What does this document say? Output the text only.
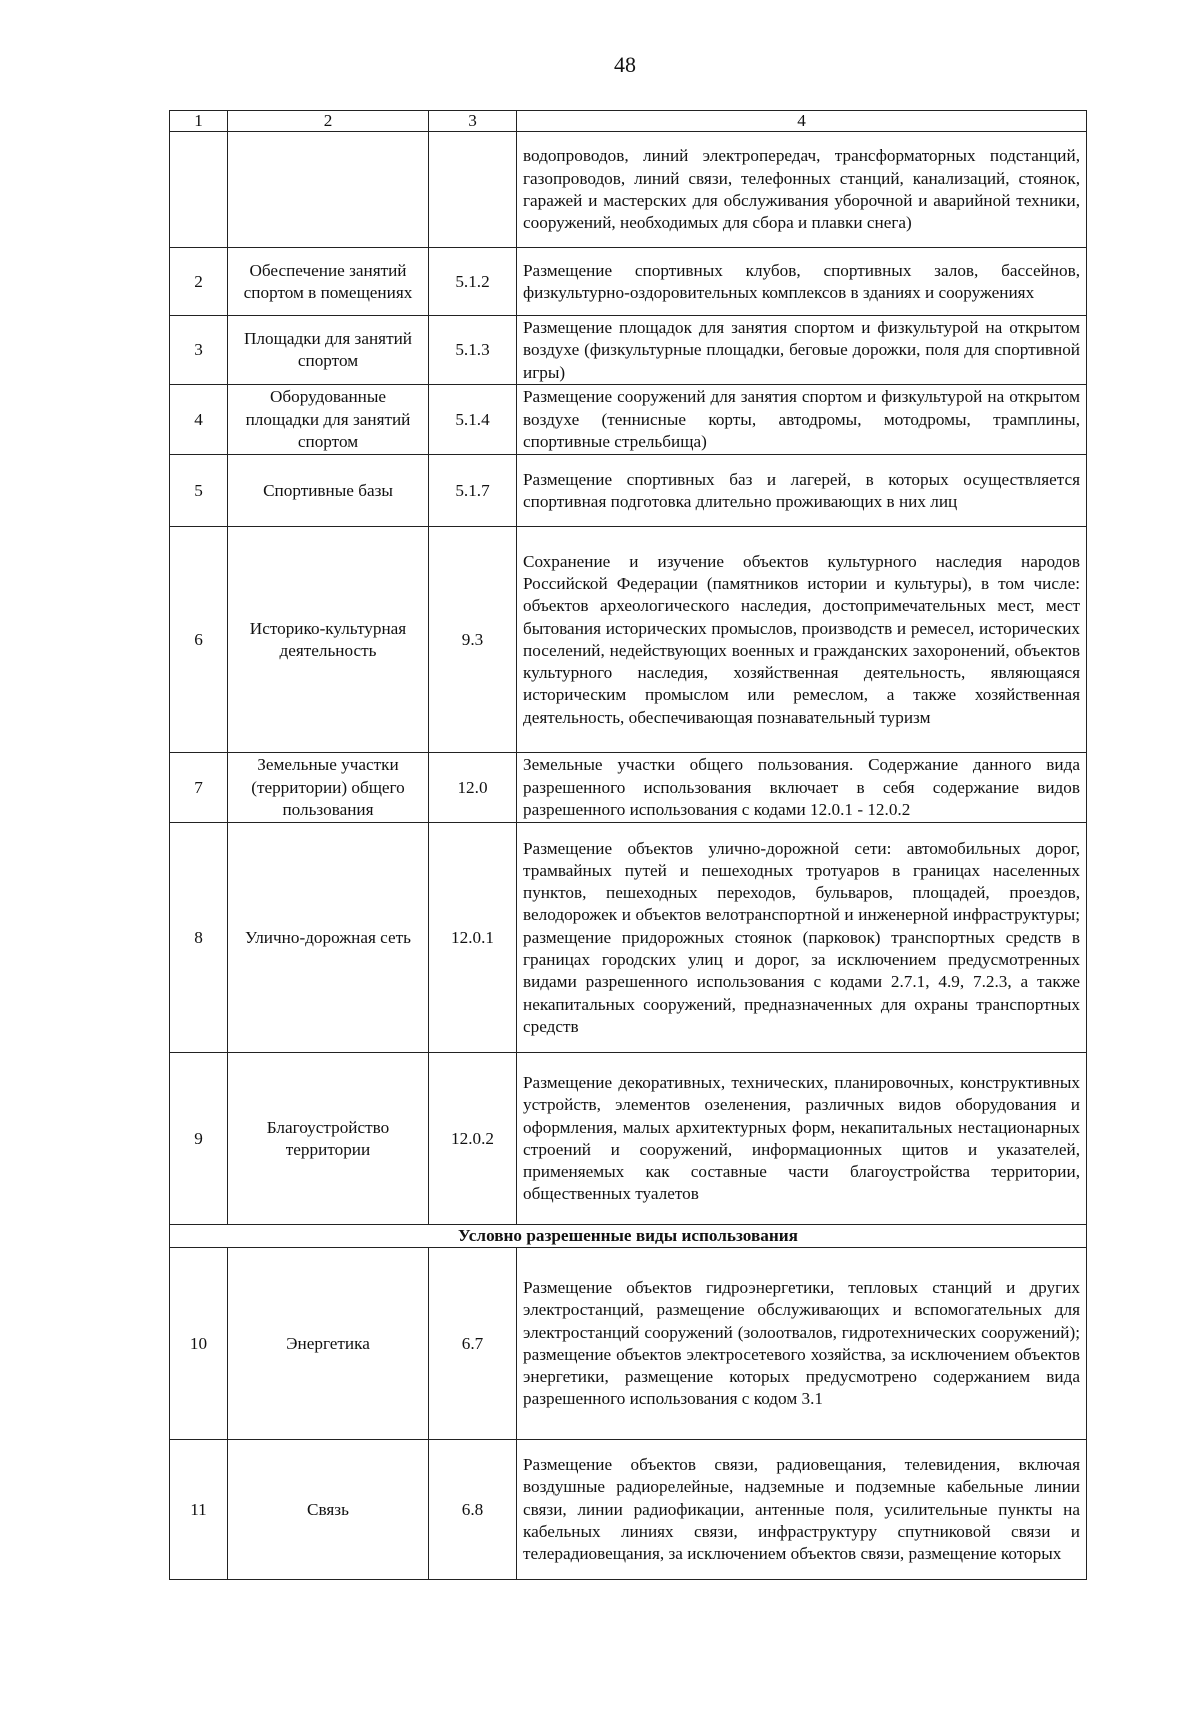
48
1	2	3	4
			водопроводов, линий электропередач, трансформаторных подстанций, газопроводов, линий связи, телефонных станций, канализаций, стоянок, гаражей и мастерских для обслуживания уборочной и аварийной техники, сооружений, необходимых для сбора и плавки снега)
2	Обеспечение занятий спортом в помещениях	5.1.2	Размещение спортивных клубов, спортивных залов, бассейнов, физкультурно-оздоровительных комплексов в зданиях и сооружениях
3	Площадки для занятий спортом	5.1.3	Размещение площадок для занятия спортом и физкультурой на открытом воздухе (физкультурные площадки, беговые дорожки, поля для спортивной игры)
4	Оборудованные площадки для занятий спортом	5.1.4	Размещение сооружений для занятия спортом и физкультурой на открытом воздухе (теннисные корты, автодромы, мотодромы, трамплины, спортивные стрельбища)
5	Спортивные базы	5.1.7	Размещение спортивных баз и лагерей, в которых осуществляется спортивная подготовка длительно проживающих в них лиц
6	Историко-культурная деятельность	9.3	Сохранение и изучение объектов культурного наследия народов Российской Федерации (памятников истории и культуры), в том числе: объектов археологического наследия, достопримечательных мест, мест бытования исторических промыслов, производств и ремесел, исторических поселений, недействующих военных и гражданских захоронений, объектов культурного наследия, хозяйственная деятельность, являющаяся историческим промыслом или ремеслом, а также хозяйственная деятельность, обеспечивающая познавательный туризм
7	Земельные участки (территории) общего пользования	12.0	Земельные участки общего пользования. Содержание данного вида разрешенного использования включает в себя содержание видов разрешенного использования с кодами 12.0.1 - 12.0.2
8	Улично-дорожная сеть	12.0.1	Размещение объектов улично-дорожной сети: автомобильных дорог, трамвайных путей и пешеходных тротуаров в границах населенных пунктов, пешеходных переходов, бульваров, площадей, проездов, велодорожек и объектов велотранспортной и инженерной инфраструктуры; размещение придорожных стоянок (парковок) транспортных средств в границах городских улиц и дорог, за исключением предусмотренных видами разрешенного использования с кодами 2.7.1, 4.9, 7.2.3, а также некапитальных сооружений, предназначенных для охраны транспортных средств
9	Благоустройство территории	12.0.2	Размещение декоративных, технических, планировочных, конструктивных устройств, элементов озеленения, различных видов оборудования и оформления, малых архитектурных форм, некапитальных нестационарных строений и сооружений, информационных щитов и указателей, применяемых как составные части благоустройства территории, общественных туалетов
Условно разрешенные виды использования			
10	Энергетика	6.7	Размещение объектов гидроэнергетики, тепловых станций и других электростанций, размещение обслуживающих и вспомогательных для электростанций сооружений (золоотвалов, гидротехнических сооружений); размещение объектов электросетевого хозяйства, за исключением объектов энергетики, размещение которых предусмотрено содержанием вида разрешенного использования с кодом 3.1
11	Связь	6.8	Размещение объектов связи, радиовещания, телевидения, включая воздушные радиорелейные, надземные и подземные кабельные линии связи, линии радиофикации, антенные поля, усилительные пункты на кабельных линиях связи, инфраструктуру спутниковой связи и телерадиовещания, за исключением объектов связи, размещение которых
